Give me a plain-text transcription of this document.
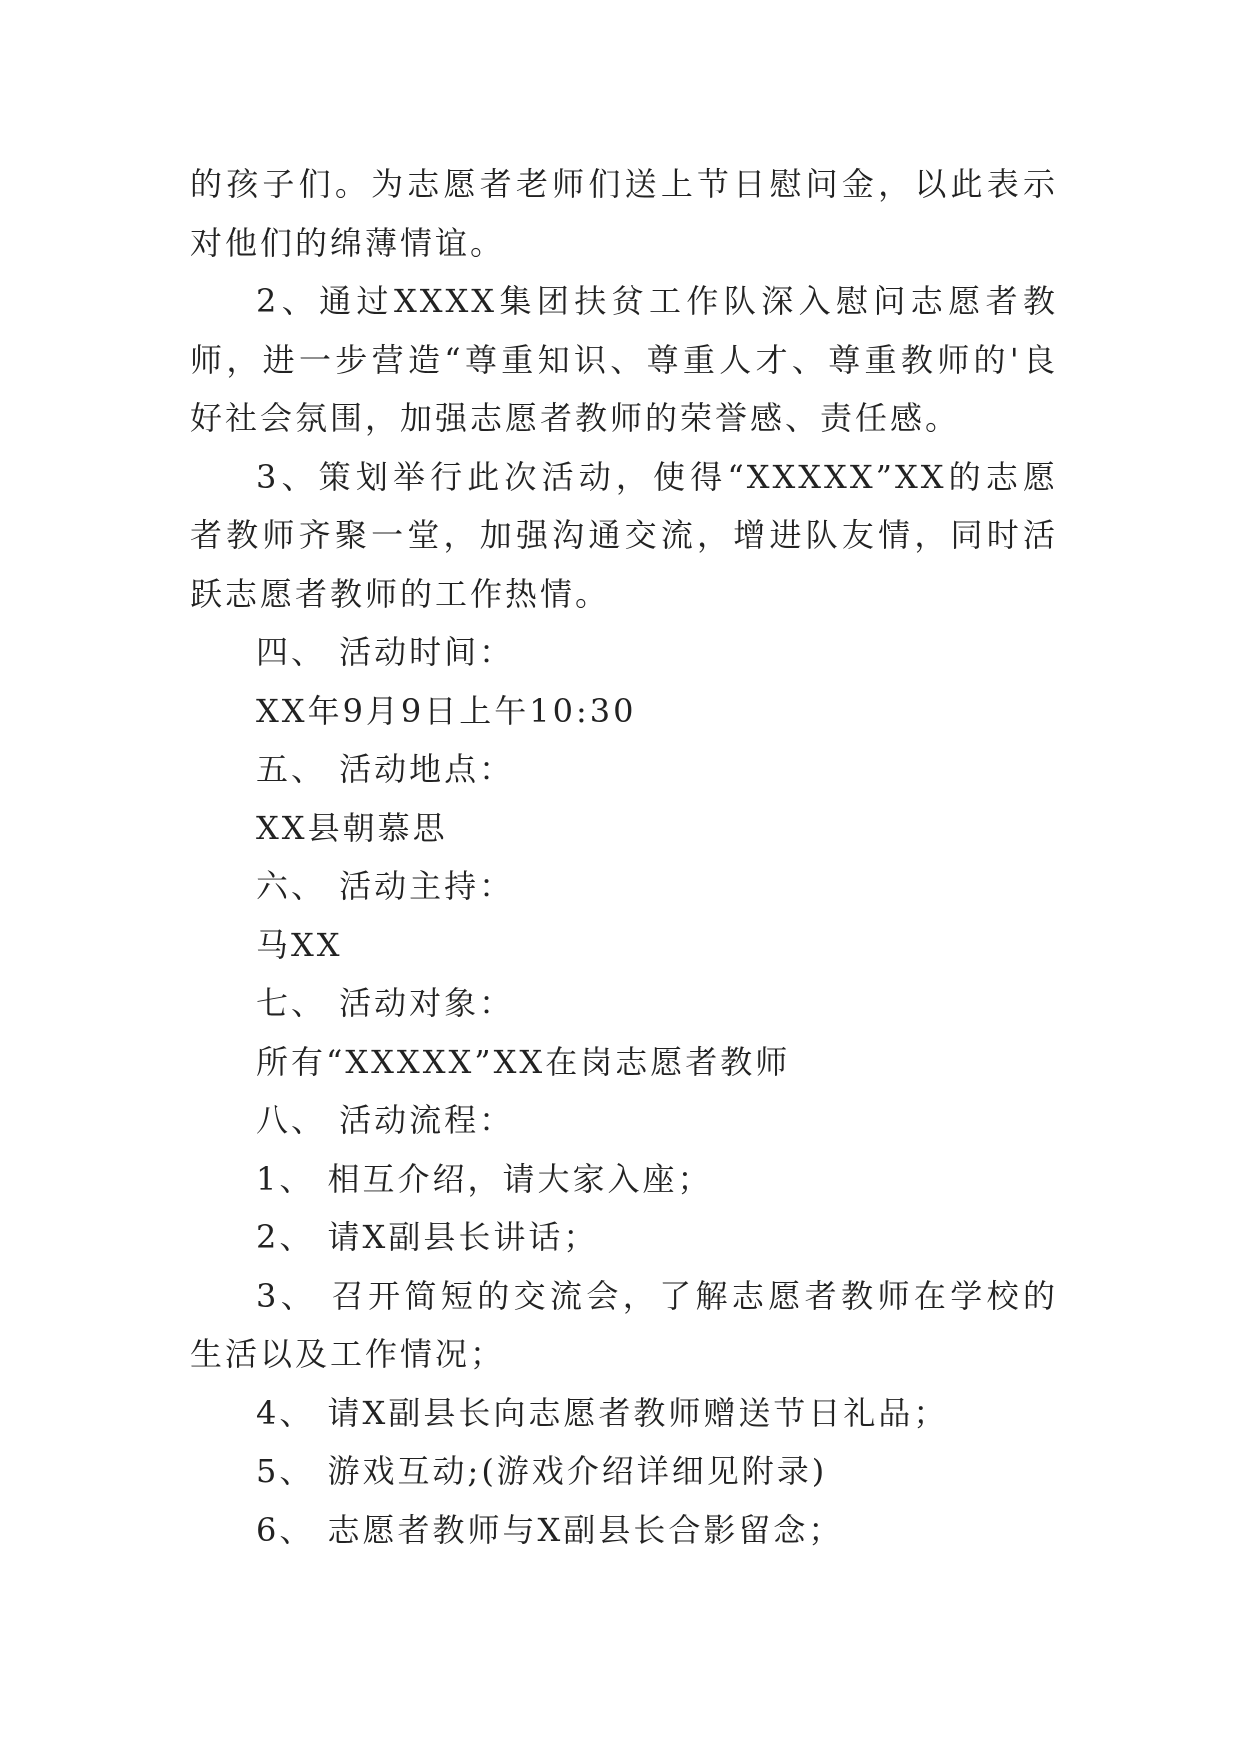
的孩子们。为志愿者老师们送上节日慰问金，以此表示对他们的绵薄情谊。

2、通过XXXX集团扶贫工作队深入慰问志愿者教师，进一步营造“尊重知识、尊重人才、尊重教师的'良好社会氛围，加强志愿者教师的荣誉感、责任感。

3、策划举行此次活动，使得“XXXXX”XX的志愿者教师齐聚一堂，加强沟通交流，增进队友情，同时活跃志愿者教师的工作热情。

四、 活动时间：

XX年9月9日上午10:30

五、 活动地点：

XX县朝慕思

六、 活动主持：

马XX

七、 活动对象：

所有“XXXXX”XX在岗志愿者教师

八、 活动流程：

1、 相互介绍，请大家入座；

2、 请X副县长讲话；

3、 召开简短的交流会，了解志愿者教师在学校的生活以及工作情况；

4、 请X副县长向志愿者教师赠送节日礼品；

5、 游戏互动;(游戏介绍详细见附录)

6、 志愿者教师与X副县长合影留念；
